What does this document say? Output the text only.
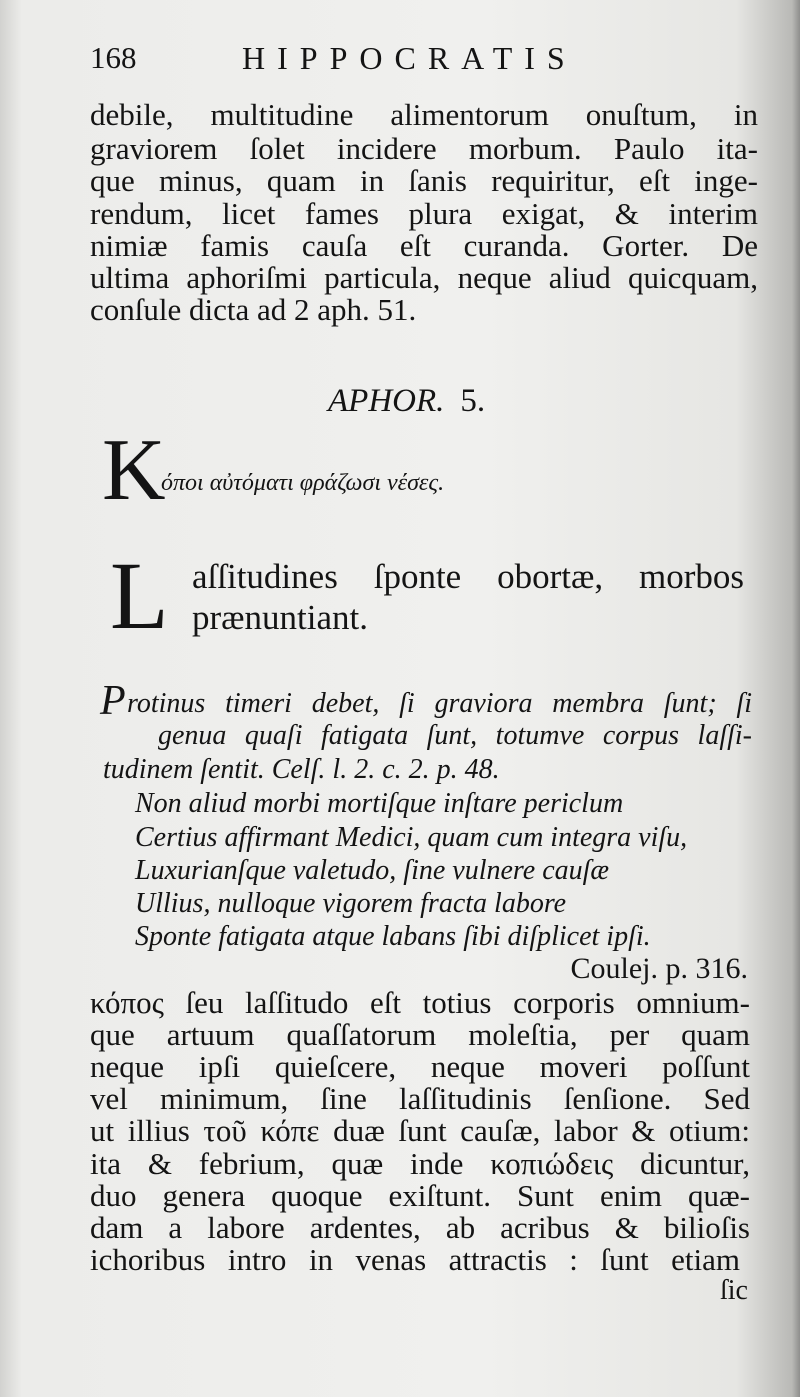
168	HIPPOCRATIS
debile, multitudine alimentorum onuſtum, in
graviorem ſolet incidere morbum. Paulo ita-
que minus, quam in ſanis requiritur, eſt inge-
rendum, licet fames plura exigat, & interim
nimiæ famis cauſa eſt curanda. Gorter. De
ultima aphoriſmi particula, neque aliud quicquam,
conſule dicta ad 2 aph. 51.
APHOR. 5.
K
όποι αὐτόματι φράζωσι νέσες.
L aſſitudines ſponte obortæ, morbos
prænuntiant.
P rotinus timeri debet, ſi graviora membra ſunt; ſi
genua quaſi fatigata ſunt, totumve corpus laſſi-
tudinem ſentit. Celſ. l. 2. c. 2. p. 48.
Non aliud morbi mortiſque inſtare periclum
Certius affirmant Medici, quam cum integra viſu,
Luxurianſque valetudo, ſine vulnere cauſæ
Ullius, nulloque vigorem fracta labore
Sponte fatigata atque labans ſibi diſplicet ipſi.
Coulej. p. 316.
κόπος ſeu laſſitudo eſt totius corporis omnium-
que artuum quaſſatorum moleſtia, per quam
neque ipſi quieſcere, neque moveri poſſunt
vel minimum, ſine laſſitudinis ſenſione. Sed
ut illius τοῦ κόπε duæ ſunt cauſæ, labor & otium:
ita & febrium, quæ inde κοπιώδεις dicuntur,
duo genera quoque exiſtunt. Sunt enim quæ-
dam a labore ardentes, ab acribus & bilioſis
ichoribus intro in venas attractis : ſunt etiam
ſic
